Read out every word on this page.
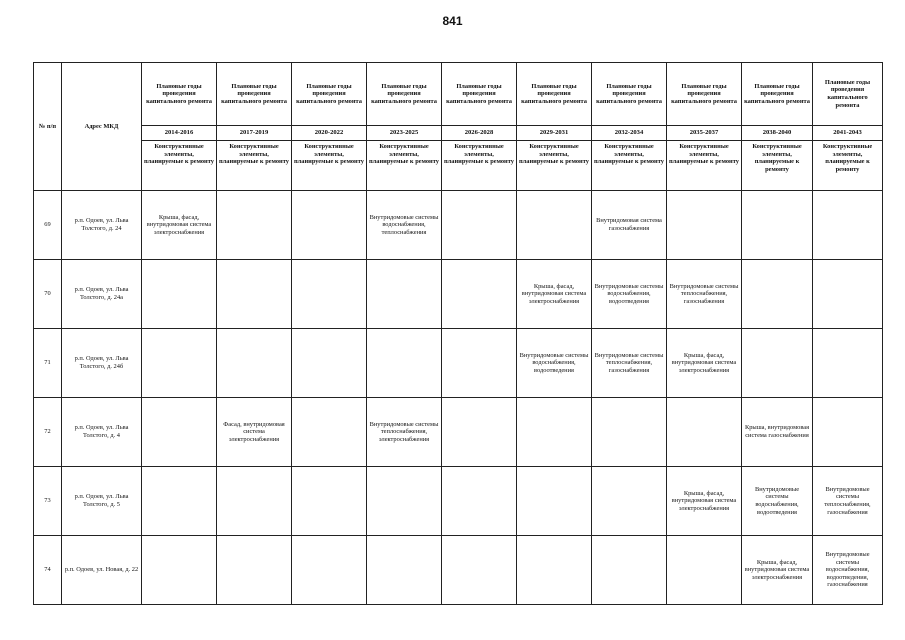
841
№ п/п	Адрес МКД	Плановые годы проведения капитального ремонта	Плановые годы проведения капитального ремонта	Плановые годы проведения капитального ремонта	Плановые годы проведения капитального ремонта	Плановые годы проведения капитального ремонта	Плановые годы проведения капитального ремонта	Плановые годы проведения капитального ремонта	Плановые годы проведения капитального ремонта	Плановые годы проведения капитального ремонта	Плановые годы проведения капитального ремонта
		2014-2016	2017-2019	2020-2022	2023-2025	2026-2028	2029-2031	2032-2034	2035-2037	2038-2040	2041-2043
		Конструктивные элементы, планируемые к ремонту	Конструктивные элементы, планируемые к ремонту	Конструктивные элементы, планируемые к ремонту	Конструктивные элементы, планируемые к ремонту	Конструктивные элементы, планируемые к ремонту	Конструктивные элементы, планируемые к ремонту	Конструктивные элементы, планируемые к ремонту	Конструктивные элементы, планируемые к ремонту	Конструктивные элементы, планируемые к ремонту	Конструктивные элементы, планируемые к ремонту
69	р.п. Одоев, ул. Льва Толстого, д. 24	Крыша, фасад, внутридомовая система электроснабжения			Внутридомовые системы водоснабжения, теплоснабжения			Внутридомовая система газоснабжения			
70	р.п. Одоев, ул. Льва Толстого, д. 24а						Крыша, фасад, внутридомовая система электроснабжения	Внутридомовые системы водоснабжения, водоотведения	Внутридомовые системы теплоснабжения, газоснабжения		
71	р.п. Одоев, ул. Льва Толстого, д. 24б						Внутридомовые системы водоснабжения, водоотведения	Внутридомовые системы теплоснабжения, газоснабжения	Крыша, фасад, внутридомовая система электроснабжения		
72	р.п. Одоев, ул. Льва Толстого, д. 4		Фасад, внутридомовая система электроснабжения		Внутридомовые системы теплоснабжения, электроснабжения					Крыша, внутридомовая система газоснабжения	
73	р.п. Одоев, ул. Льва Толстого, д. 5								Крыша, фасад, внутридомовая система электроснабжения	Внутридомовые системы водоснабжения, водоотведения	Внутридомовые системы теплоснабжения, газоснабжения
74	р.п. Одоев, ул. Новая, д. 22									Крыша, фасад, внутридомовая система электроснабжения	Внутридомовые системы водоснабжения, водоотведения, газоснабжения
